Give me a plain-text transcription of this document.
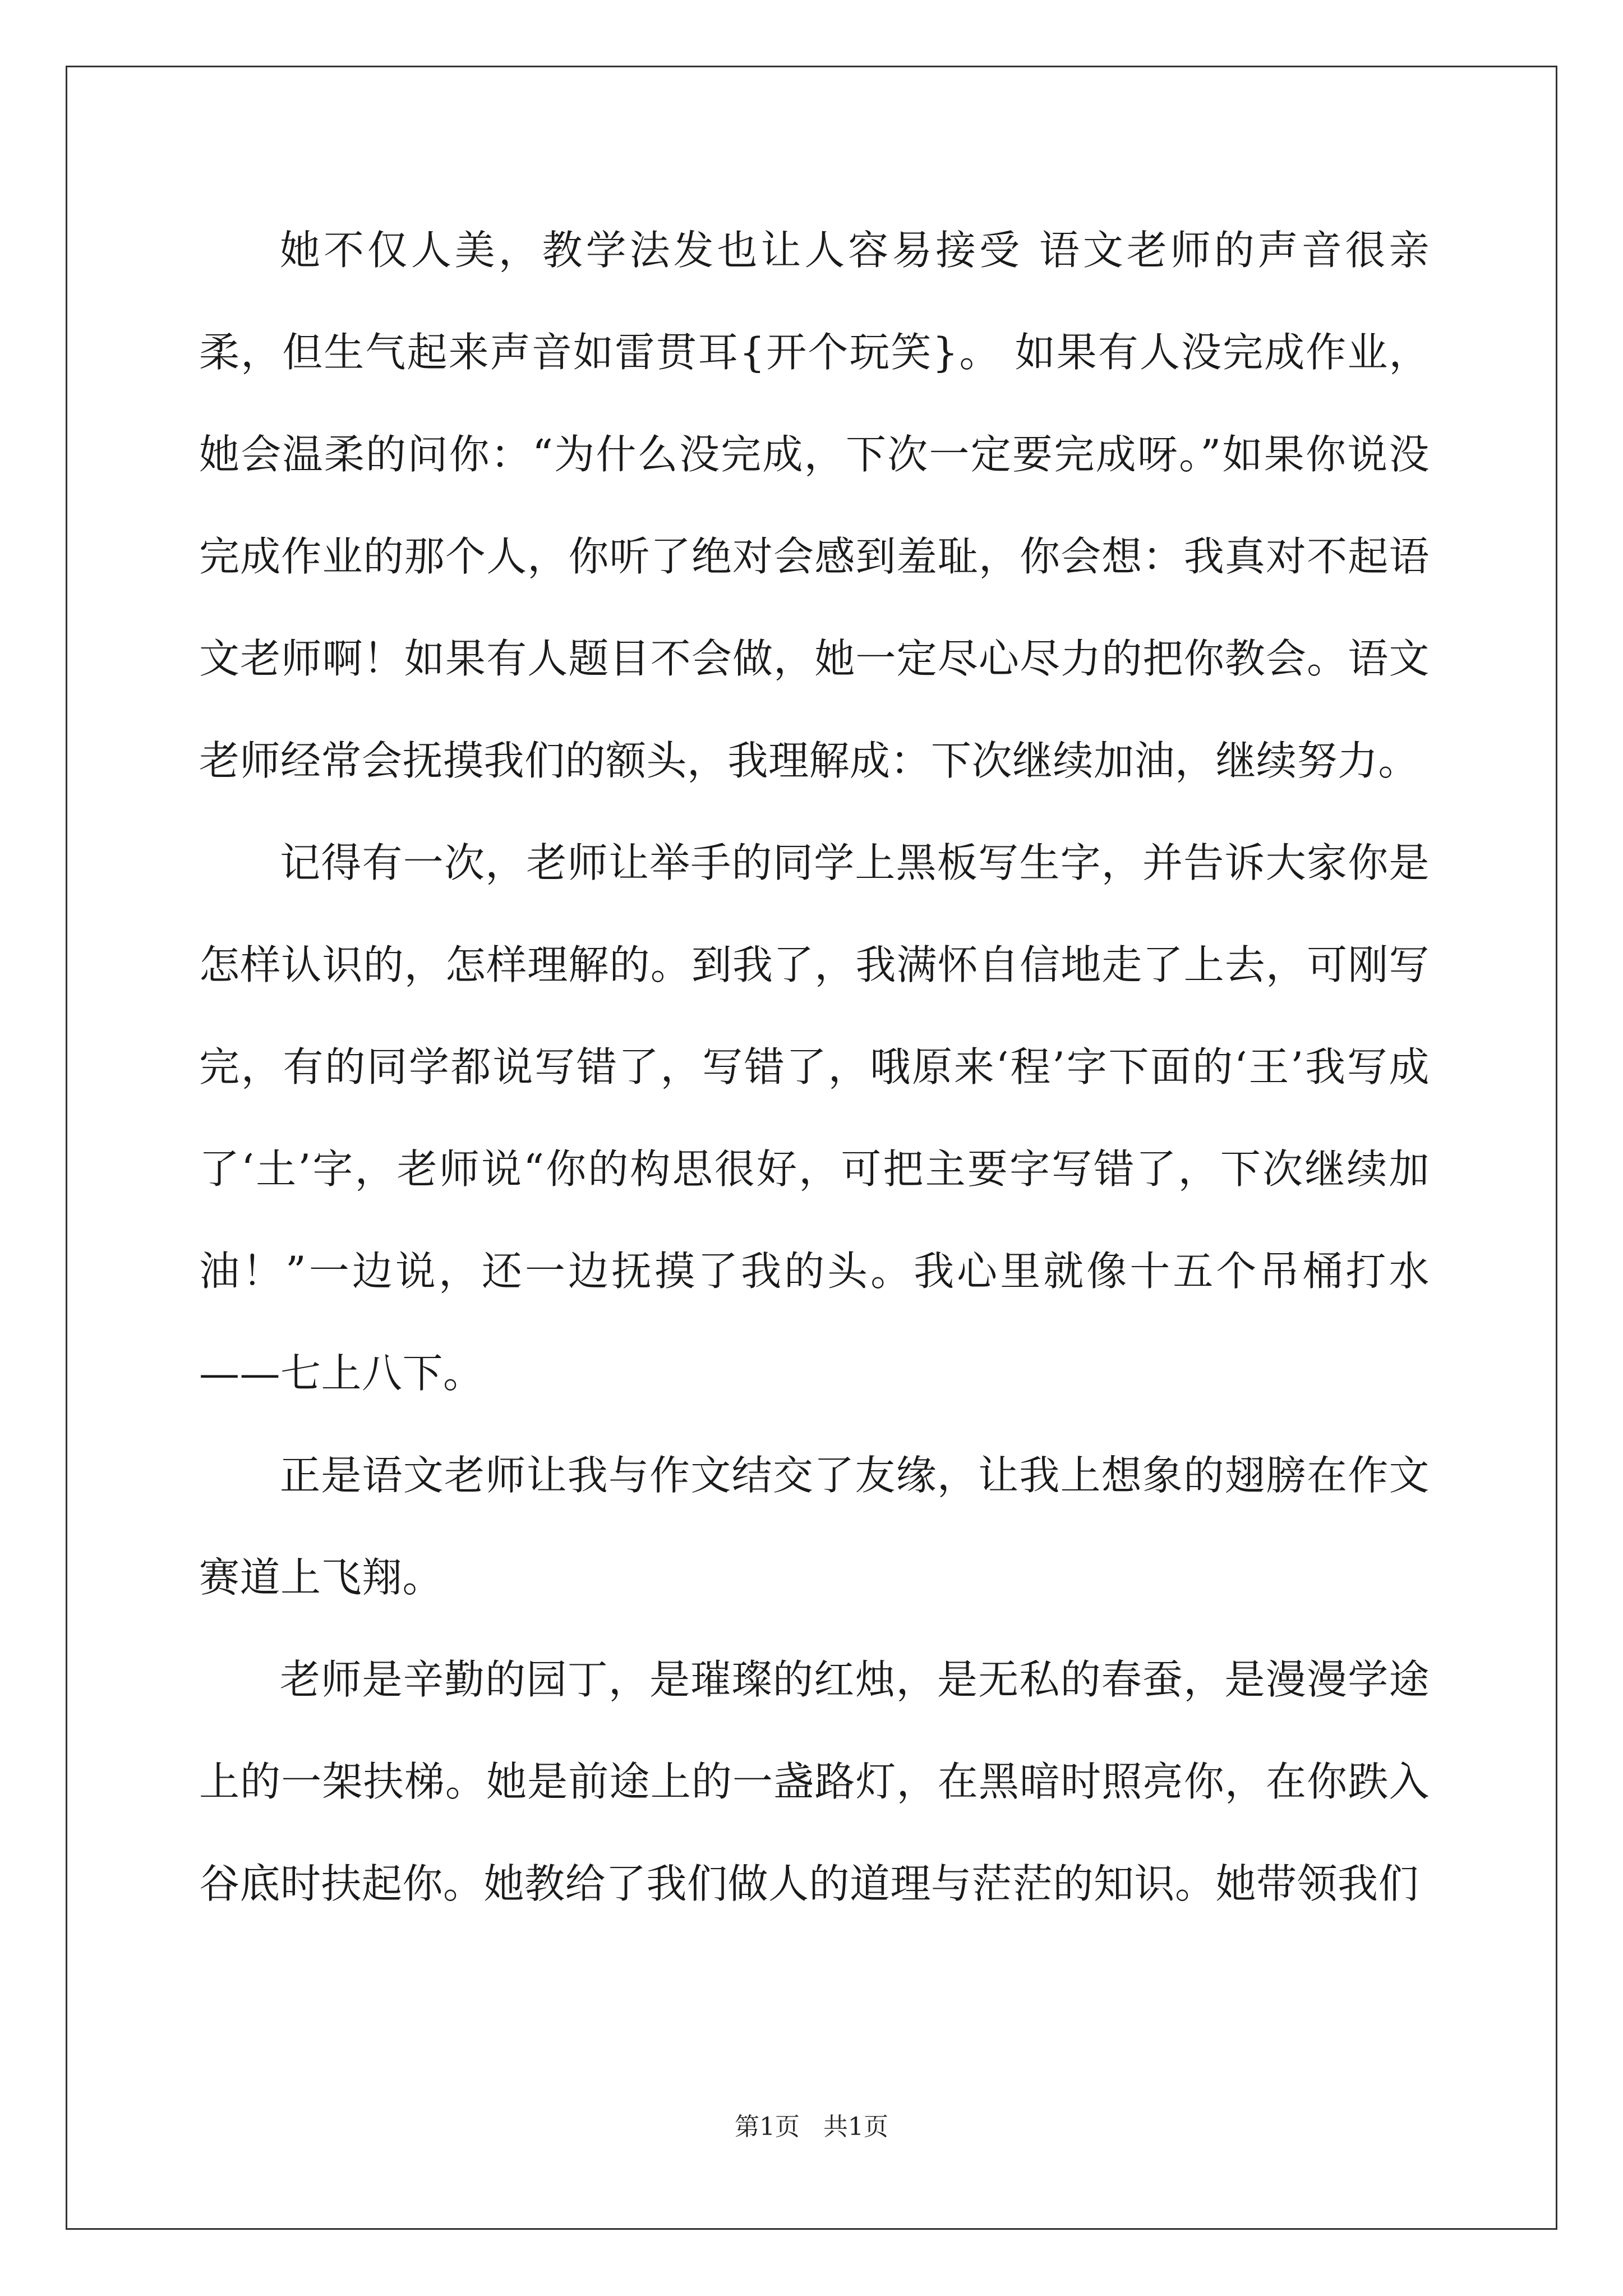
她不仅人美，教学法发也让人容易接受 语文老师的声音很亲柔，但生气起来声音如雷贯耳{开个玩笑}。 如果有人没完成作业，她会温柔的问你：“为什么没完成，下次一定要完成呀。”如果你说没完成作业的那个人，你听了绝对会感到羞耻，你会想：我真对不起语文老师啊！如果有人题目不会做，她一定尽心尽力的把你教会。语文老师经常会抚摸我们的额头，我理解成：下次继续加油，继续努力。

记得有一次，老师让举手的同学上黑板写生字，并告诉大家你是怎样认识的，怎样理解的。到我了，我满怀自信地走了上去，可刚写完，有的同学都说写错了，写错了，哦原来‘程’字下面的‘王’我写成了‘土’字，老师说“你的构思很好，可把主要字写错了，下次继续加油！”一边说，还一边抚摸了我的头。我心里就像十五个吊桶打水——七上八下。

正是语文老师让我与作文结交了友缘，让我上想象的翅膀在作文赛道上飞翔。

老师是辛勤的园丁，是璀璨的红烛，是无私的春蚕，是漫漫学途上的一架扶梯。她是前途上的一盏路灯，在黑暗时照亮你，在你跌入谷底时扶起你。她教给了我们做人的道理与茫茫的知识。她带领我们

第1页 共1页
